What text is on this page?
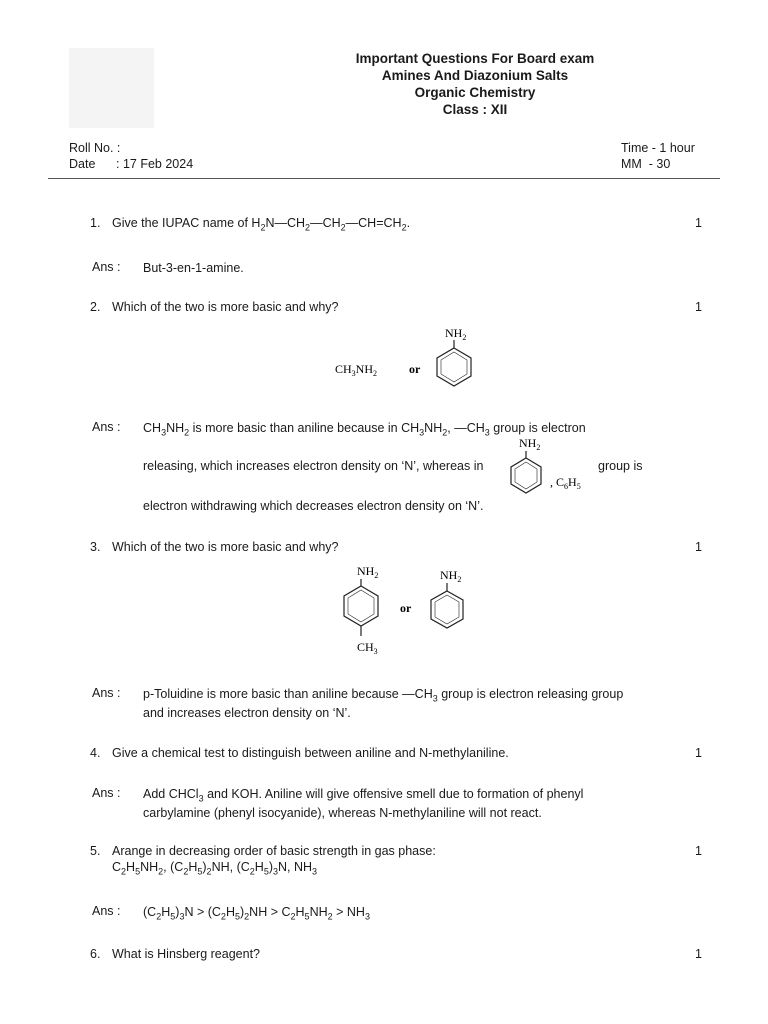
Important Questions For Board exam
Amines And Diazonium Salts
Organic Chemistry
Class : XII
Roll No. :
Date : 17 Feb 2024
Time - 1 hour
MM  - 30
1. Give the IUPAC name of $H_2N—CH_2—CH_2—CH=CH_2$.	1
Ans : But-3-en-1-amine.
2. Which of the two is more basic and why?	1
$CH_3NH_2$	or
$NH_2$
Ans : $CH_3NH_2$ is more basic than aniline because in $CH_3NH_2$, $—CH_3$ group is electron
releasing, which increases electron density on ‘N’, whereas in
$NH_2$
, $C_6H_5$
group is
electron withdrawing which decreases electron density on ‘N’.
3. Which of the two is more basic and why?	1
$NH_2$
$CH_3$
or
$NH_2$
Ans : p-Toluidine is more basic than aniline because $—CH_3$ group is electron releasing group
and increases electron density on ‘N’.
4. Give a chemical test to distinguish between aniline and N-methylaniline.	1
Ans : Add CHCl$_3$ and KOH. Aniline will give offensive smell due to formation of phenyl
carbylamine (phenyl isocyanide), whereas N-methylaniline will not react.
5. Arange in decreasing order of basic strength in gas phase:
$C_2H_5NH_2$, $(C_2H_5)_2NH$, $(C_2H_5)_3N$, $NH_3$
1
Ans : $(C_2H_5)_3N > (C_2H_5)_2NH > C_2H_5NH_2 > NH_3$
6. What is Hinsberg reagent?	1
